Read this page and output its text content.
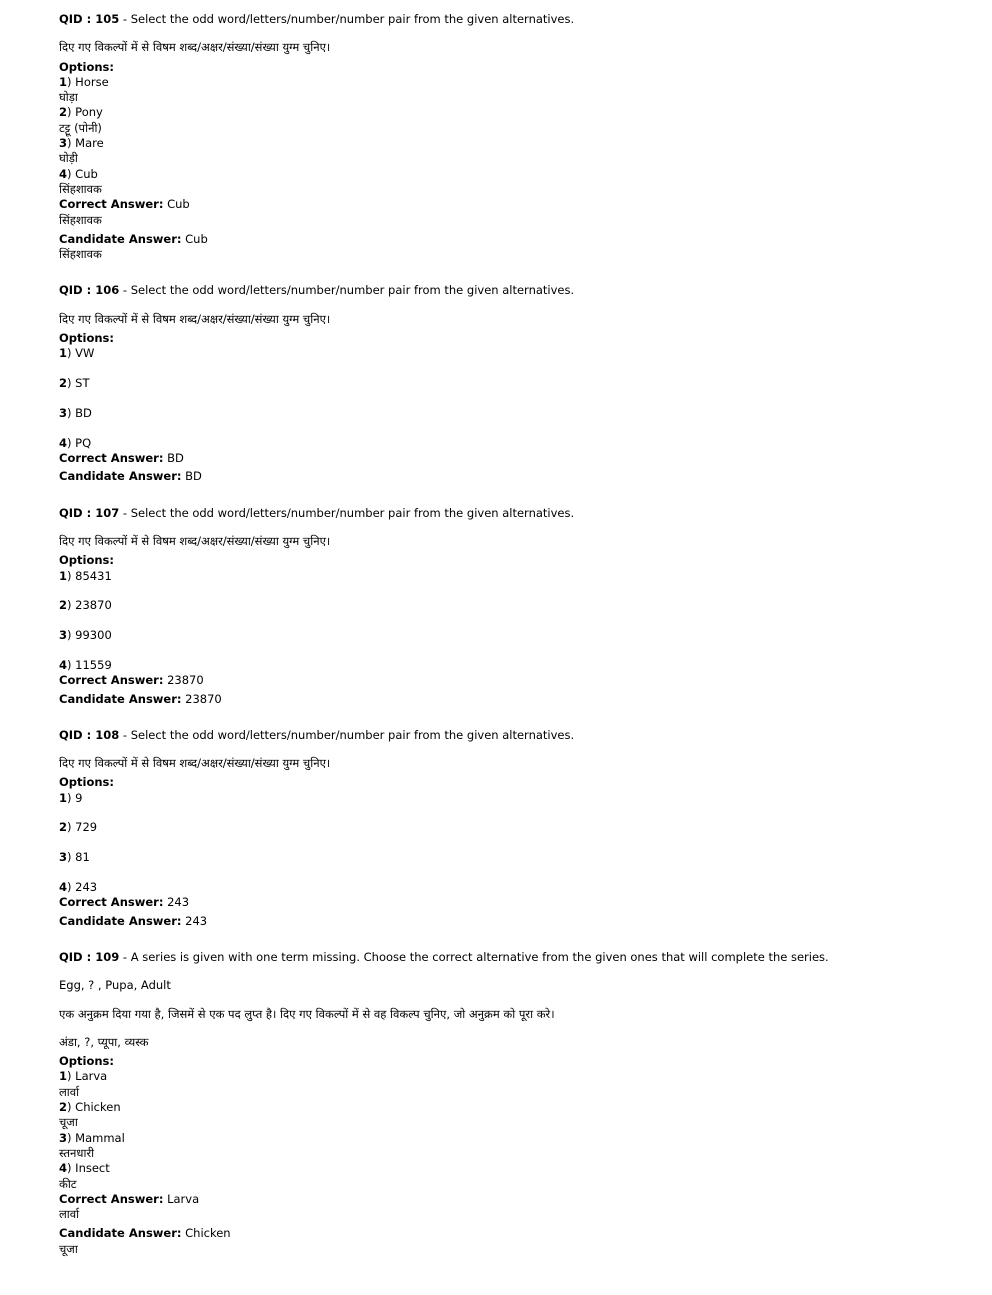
QID : 105 - Select the odd word/letters/number/number pair from the given alternatives.
दिए गए विकल्पों में से विषम शब्द/अक्षर/संख्या/संख्या युग्म चुनिए।
Options:
1) Horse
घोड़ा
2) Pony
टट्टू (पोनी)
3) Mare
घोड़ी
4) Cub
सिंहशावक
Correct Answer: Cub
सिंहशावक
Candidate Answer: Cub
सिंहशावक
QID : 106 - Select the odd word/letters/number/number pair from the given alternatives.
दिए गए विकल्पों में से विषम शब्द/अक्षर/संख्या/संख्या युग्म चुनिए।
Options:
1) VW
2) ST
3) BD
4) PQ
Correct Answer: BD
Candidate Answer: BD
QID : 107 - Select the odd word/letters/number/number pair from the given alternatives.
दिए गए विकल्पों में से विषम शब्द/अक्षर/संख्या/संख्या युग्म चुनिए।
Options:
1) 85431
2) 23870
3) 99300
4) 11559
Correct Answer: 23870
Candidate Answer: 23870
QID : 108 - Select the odd word/letters/number/number pair from the given alternatives.
दिए गए विकल्पों में से विषम शब्द/अक्षर/संख्या/संख्या युग्म चुनिए।
Options:
1) 9
2) 729
3) 81
4) 243
Correct Answer: 243
Candidate Answer: 243
QID : 109 - A series is given with one term missing. Choose the correct alternative from the given ones that will complete the series.
Egg, ? , Pupa, Adult
एक अनुक्रम दिया गया है, जिसमें से एक पद लुप्त है। दिए गए विकल्पों में से वह विकल्प चुनिए, जो अनुक्रम को पूरा करे।
अंडा, ?, प्यूपा, व्यस्क
Options:
1) Larva
लार्वा
2) Chicken
चूजा
3) Mammal
स्तनधारी
4) Insect
कीट
Correct Answer: Larva
लार्वा
Candidate Answer: Chicken
चूजा
